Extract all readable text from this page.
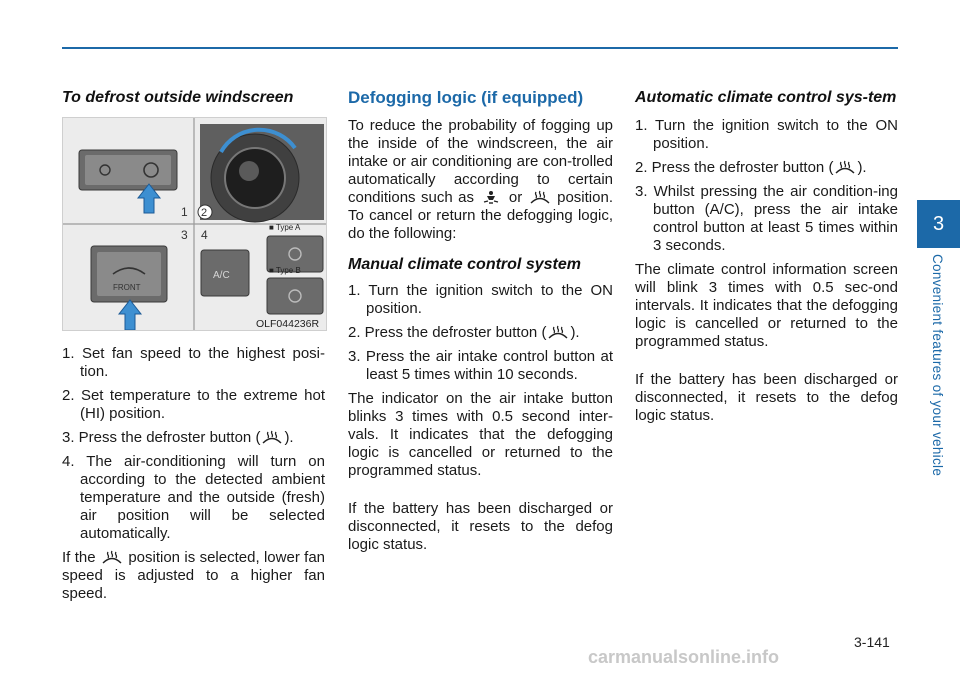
3
Convenient features of your vehicle
To defrost outside windscreen
1 2
3 4
FRONT
A/C
■ Type A
■ Type B
1. Set fan speed to the highest posi-tion.
2. Set temperature to the extreme hot (HI) position.
3. Press the defroster button ( ).
4. The air-conditioning will turn on according to the detected ambient temperature and the outside (fresh) air position will be selected automatically.

If the position is selected, lower fan speed is adjusted to a higher fan speed.

OLF044236R
Defogging logic (if equipped)

To reduce the probability of fogging up the inside of the windscreen, the air intake or air conditioning are con-trolled automatically according to certain conditions such as or position. To cancel or return the defogging logic, do the following:

Manual climate control system
1. Turn the ignition switch to the ON position.
2. Press the defroster button ( ).
3. Press the air intake control button at least 5 times within 10 seconds.

The indicator on the air intake button blinks 3 times with 0.5 second inter-vals. It indicates that the defogging logic is cancelled or returned to the programmed status.

If the battery has been discharged or disconnected, it resets to the defog logic status.

Automatic climate control sys-tem
1. Turn the ignition switch to the ON position.
2. Press the defroster button ( ).
3. Whilst pressing the air condition-ing button (A/C), press the air intake control button at least 5 times within 3 seconds.

The climate control information screen will blink 3 times with 0.5 sec-ond intervals. It indicates that the defogging logic is cancelled or returned to the programmed status.

If the battery has been discharged or disconnected, it resets to the defog logic status.

3-141
carmanualsonline.info
